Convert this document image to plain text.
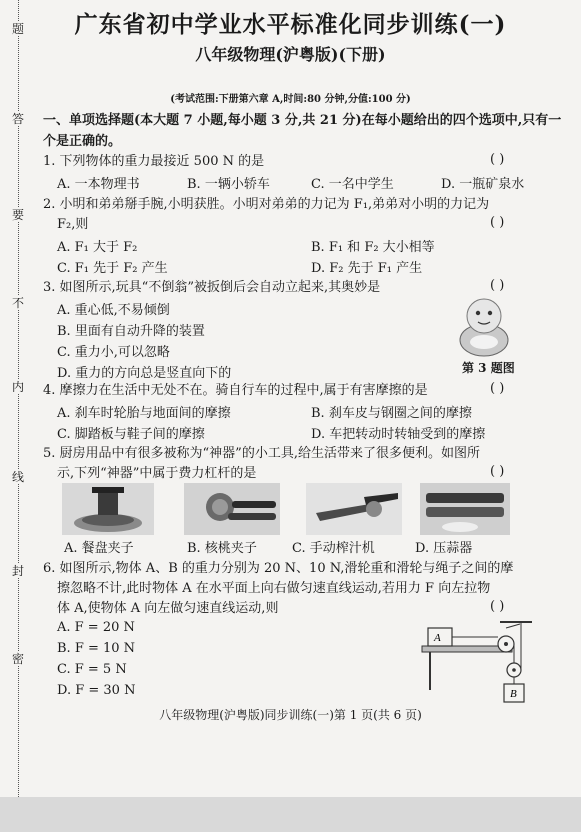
题
答
要
不
内
线
封
密
广东省初中学业水平标准化同步训练(一)
八年级物理(沪粤版)(下册)
(考试范围:下册第六章 A,时间:80 分钟,分值:100 分)
一、单项选择题(本大题 7 小题,每小题 3 分,共 21 分)在每小题给出的四个选项中,只有一个是正确的。
1. 下列物体的重力最接近 500 N 的是	( )
A. 一本物理书	B. 一辆小轿车	C. 一名中学生	D. 一瓶矿泉水
2. 小明和弟弟掰手腕,小明获胜。小明对弟弟的力记为 F₁,弟弟对小明的力记为
F₂,则	( )
A. F₁ 大于 F₂	B. F₁ 和 F₂ 大小相等
C. F₁ 先于 F₂ 产生	D. F₂ 先于 F₁ 产生
3. 如图所示,玩具“不倒翁”被扳倒后会自动立起来,其奥妙是	( )
A. 重心低,不易倾倒
B. 里面有自动升降的装置
C. 重力小,可以忽略
D. 重力的方向总是竖直向下的	第 3 题图
4. 摩擦力在生活中无处不在。骑自行车的过程中,属于有害摩擦的是	( )
A. 刹车时轮胎与地面间的摩擦	B. 刹车皮与钢圈之间的摩擦
C. 脚踏板与鞋子间的摩擦	D. 车把转动时转轴受到的摩擦
5. 厨房用品中有很多被称为“神器”的小工具,给生活带来了很多便利。如图所
示,下列“神器”中属于费力杠杆的是	( )
A. 餐盘夹子	B. 核桃夹子	C. 手动榨汁机	D. 压蒜器
6. 如图所示,物体 A、B 的重力分别为 20 N、10 N,滑轮重和滑轮与绳子之间的摩
擦忽略不计,此时物体 A 在水平面上向右做匀速直线运动,若用力 F 向左拉物
体 A,使物体 A 向左做匀速直线运动,则	( )
A. F = 20 N
B. F = 10 N
C. F = 5 N
D. F = 30 N
A
B
八年级物理(沪粤版)同步训练(一)第 1 页(共 6 页)
